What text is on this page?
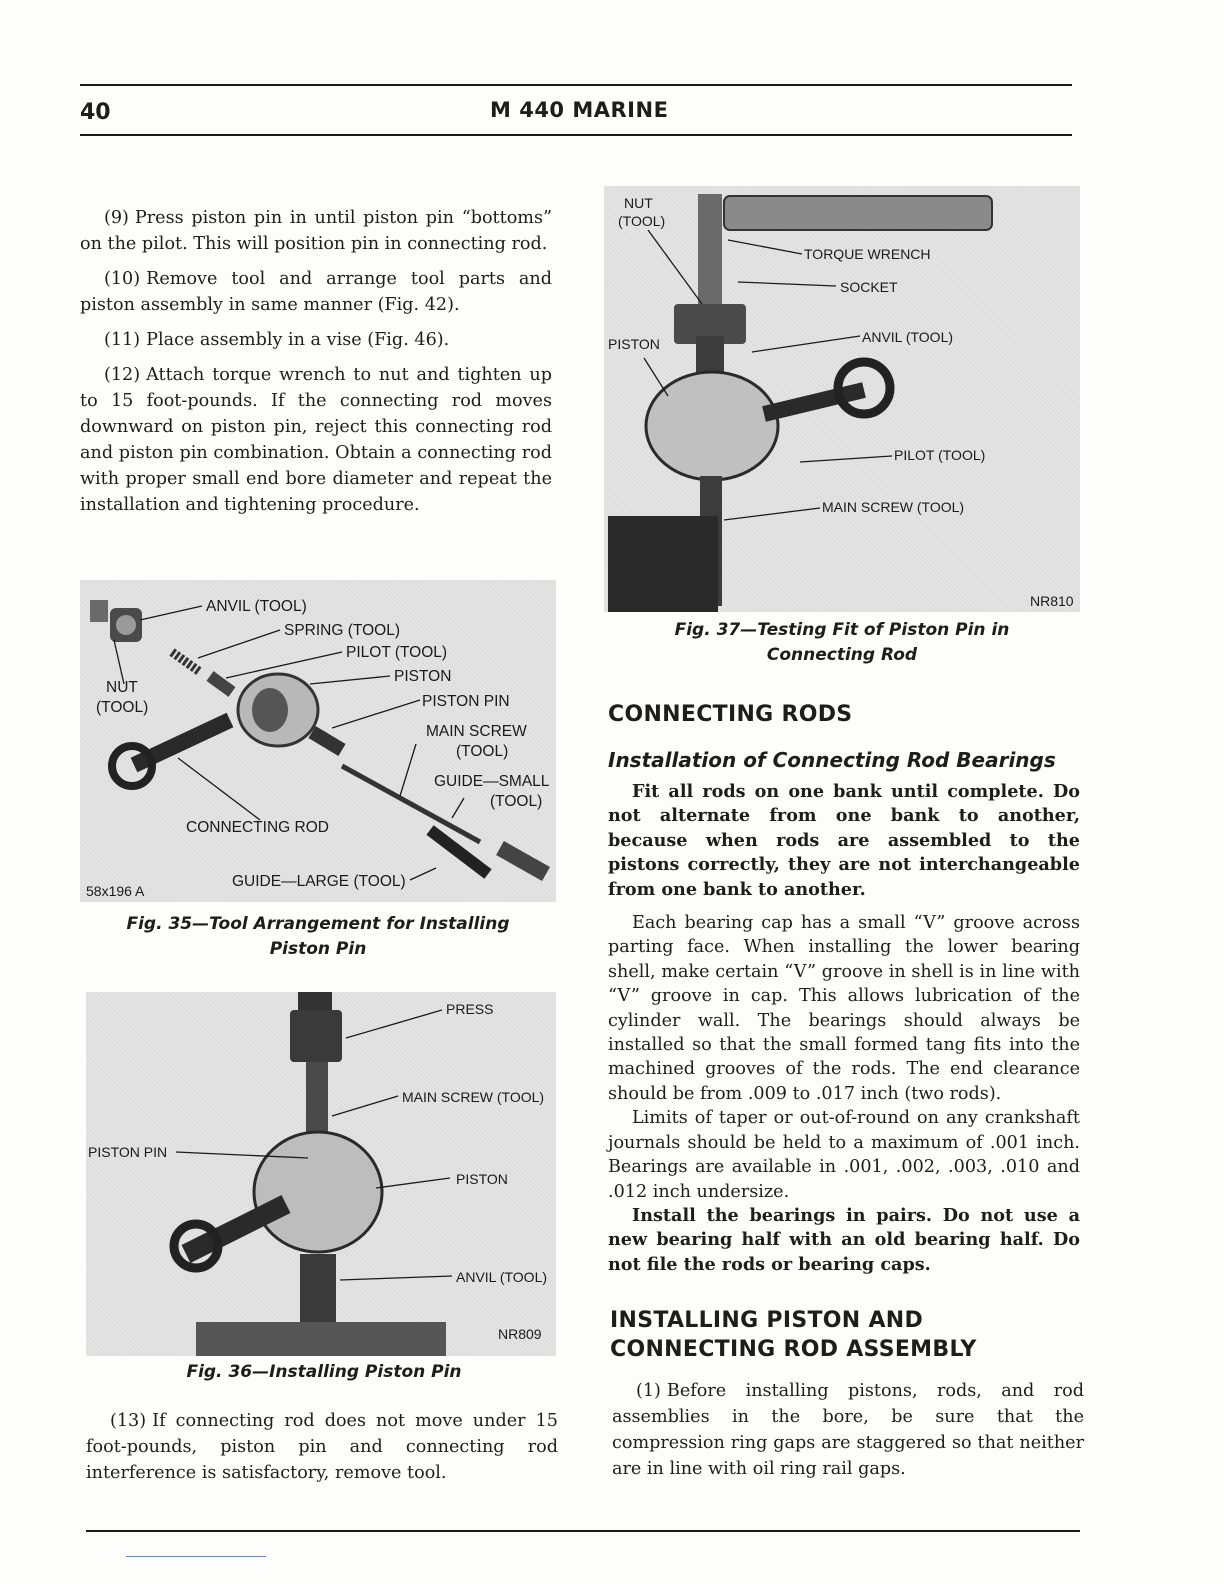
40	M 440 MARINE

(9) Press piston pin in until piston pin “bottoms” on the pilot. This will position pin in connecting rod.

(10) Remove tool and arrange tool parts and piston assembly in same manner (Fig. 42).

(11) Place assembly in a vise (Fig. 46).

(12) Attach torque wrench to nut and tighten up to 15 foot-pounds. If the connecting rod moves downward on piston pin, reject this connecting rod and piston pin combination. Obtain a connecting rod with proper small end bore diameter and repeat the installation and tightening procedure.

ANVIL (TOOL)
SPRING (TOOL)
PILOT (TOOL)
PISTON
PISTON PIN
NUT
(TOOL)
MAIN SCREW
(TOOL)
GUIDE—SMALL
(TOOL)
CONNECTING ROD
GUIDE—LARGE (TOOL)
58x196 A
Fig. 35—Tool Arrangement for Installing
Piston Pin
PRESS
MAIN SCREW (TOOL)
PISTON PIN
PISTON
ANVIL (TOOL)
NR809
Fig. 36—Installing Piston Pin

(13) If connecting rod does not move under 15 foot-pounds, piston pin and connecting rod interference is satisfactory, remove tool.

NUT
(TOOL)
TORQUE WRENCH
SOCKET
PISTON	ANVIL (TOOL)
PILOT (TOOL)
MAIN SCREW (TOOL)
NR810
Fig. 37—Testing Fit of Piston Pin in
Connecting Rod
CONNECTING RODS
Installation of Connecting Rod Bearings

Fit all rods on one bank until complete. Do not alternate from one bank to another, because when rods are assembled to the pistons correctly, they are not interchangeable from one bank to another.

Each bearing cap has a small “V” groove across parting face. When installing the lower bearing shell, make certain “V” groove in shell is in line with “V” groove in cap. This allows lubrication of the cylinder wall. The bearings should always be installed so that the small formed tang fits into the machined grooves of the rods. The end clearance should be from .009 to .017 inch (two rods).

Limits of taper or out-of-round on any crankshaft journals should be held to a maximum of .001 inch. Bearings are available in .001, .002, .003, .010 and .012 inch undersize.

Install the bearings in pairs. Do not use a new bearing half with an old bearing half. Do not file the rods or bearing caps.

INSTALLING PISTON AND
CONNECTING ROD ASSEMBLY

(1) Before installing pistons, rods, and rod assemblies in the bore, be sure that the compression ring gaps are staggered so that neither are in line with oil ring rail gaps.
